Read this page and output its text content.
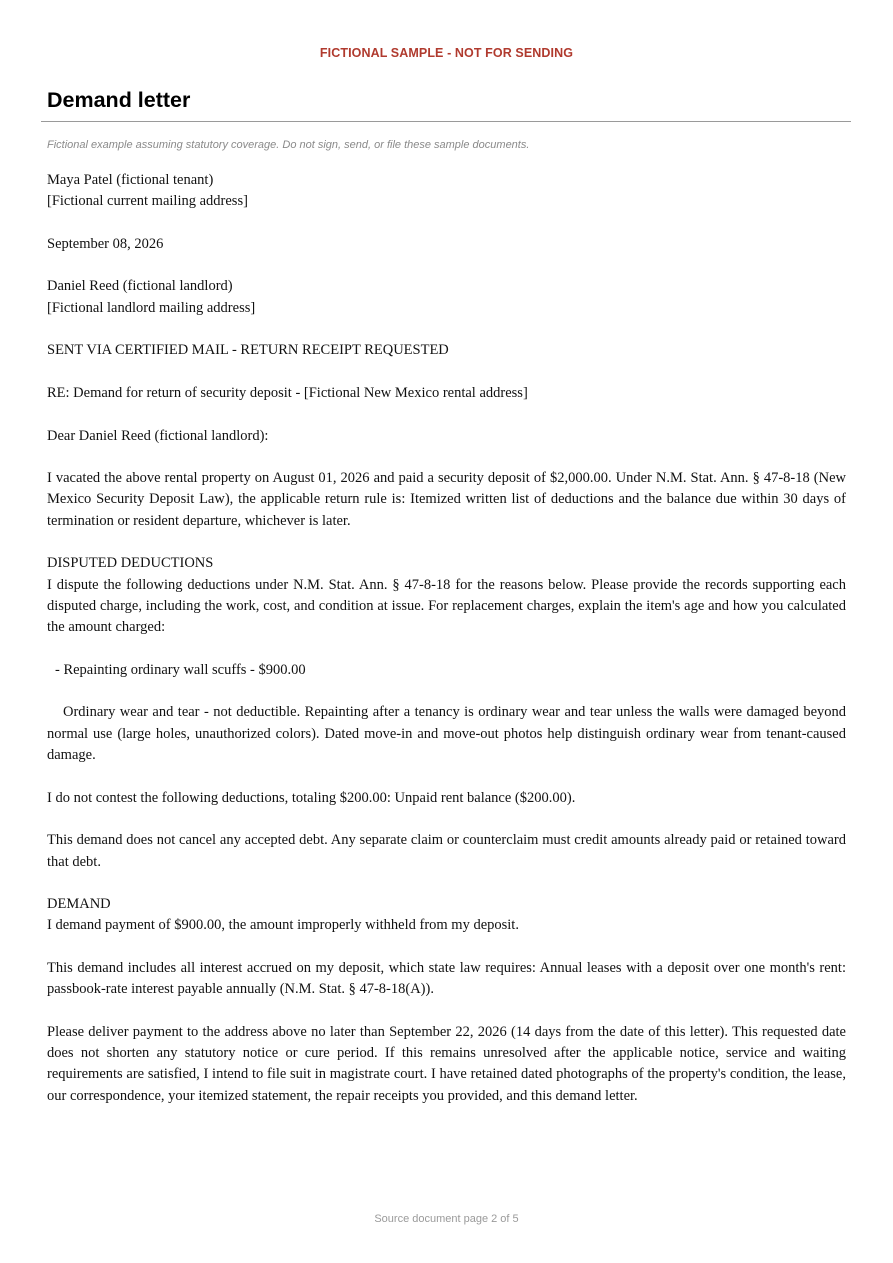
FICTIONAL SAMPLE - NOT FOR SENDING
Demand letter
Fictional example assuming statutory coverage. Do not sign, send, or file these sample documents.

Maya Patel (fictional tenant)
[Fictional current mailing address]

September 08, 2026

Daniel Reed (fictional landlord)
[Fictional landlord mailing address]

SENT VIA CERTIFIED MAIL - RETURN RECEIPT REQUESTED

RE: Demand for return of security deposit - [Fictional New Mexico rental address]

Dear Daniel Reed (fictional landlord):

I vacated the above rental property on August 01, 2026 and paid a security deposit of $2,000.00. Under N.M. Stat. Ann. § 47-8-18 (New Mexico Security Deposit Law), the applicable return rule is: Itemized written list of deductions and the balance due within 30 days of termination or resident departure, whichever is later.

DISPUTED DEDUCTIONS

I dispute the following deductions under N.M. Stat. Ann. § 47-8-18 for the reasons below. Please provide the records supporting each disputed charge, including the work, cost, and condition at issue. For replacement charges, explain the item's age and how you calculated the amount charged:

- Repainting ordinary wall scuffs - $900.00

Ordinary wear and tear - not deductible. Repainting after a tenancy is ordinary wear and tear unless the walls were damaged beyond normal use (large holes, unauthorized colors). Dated move-in and move-out photos help distinguish ordinary wear from tenant-caused damage.

I do not contest the following deductions, totaling $200.00: Unpaid rent balance ($200.00).

This demand does not cancel any accepted debt. Any separate claim or counterclaim must credit amounts already paid or retained toward that debt.

DEMAND

I demand payment of $900.00, the amount improperly withheld from my deposit.

This demand includes all interest accrued on my deposit, which state law requires: Annual leases with a deposit over one month's rent: passbook-rate interest payable annually (N.M. Stat. § 47-8-18(A)).

Please deliver payment to the address above no later than September 22, 2026 (14 days from the date of this letter). This requested date does not shorten any statutory notice or cure period. If this remains unresolved after the applicable notice, service and waiting requirements are satisfied, I intend to file suit in magistrate court. I have retained dated photographs of the property's condition, the lease, our correspondence, your itemized statement, the repair receipts you provided, and this demand letter.

Source document page 2 of 5
